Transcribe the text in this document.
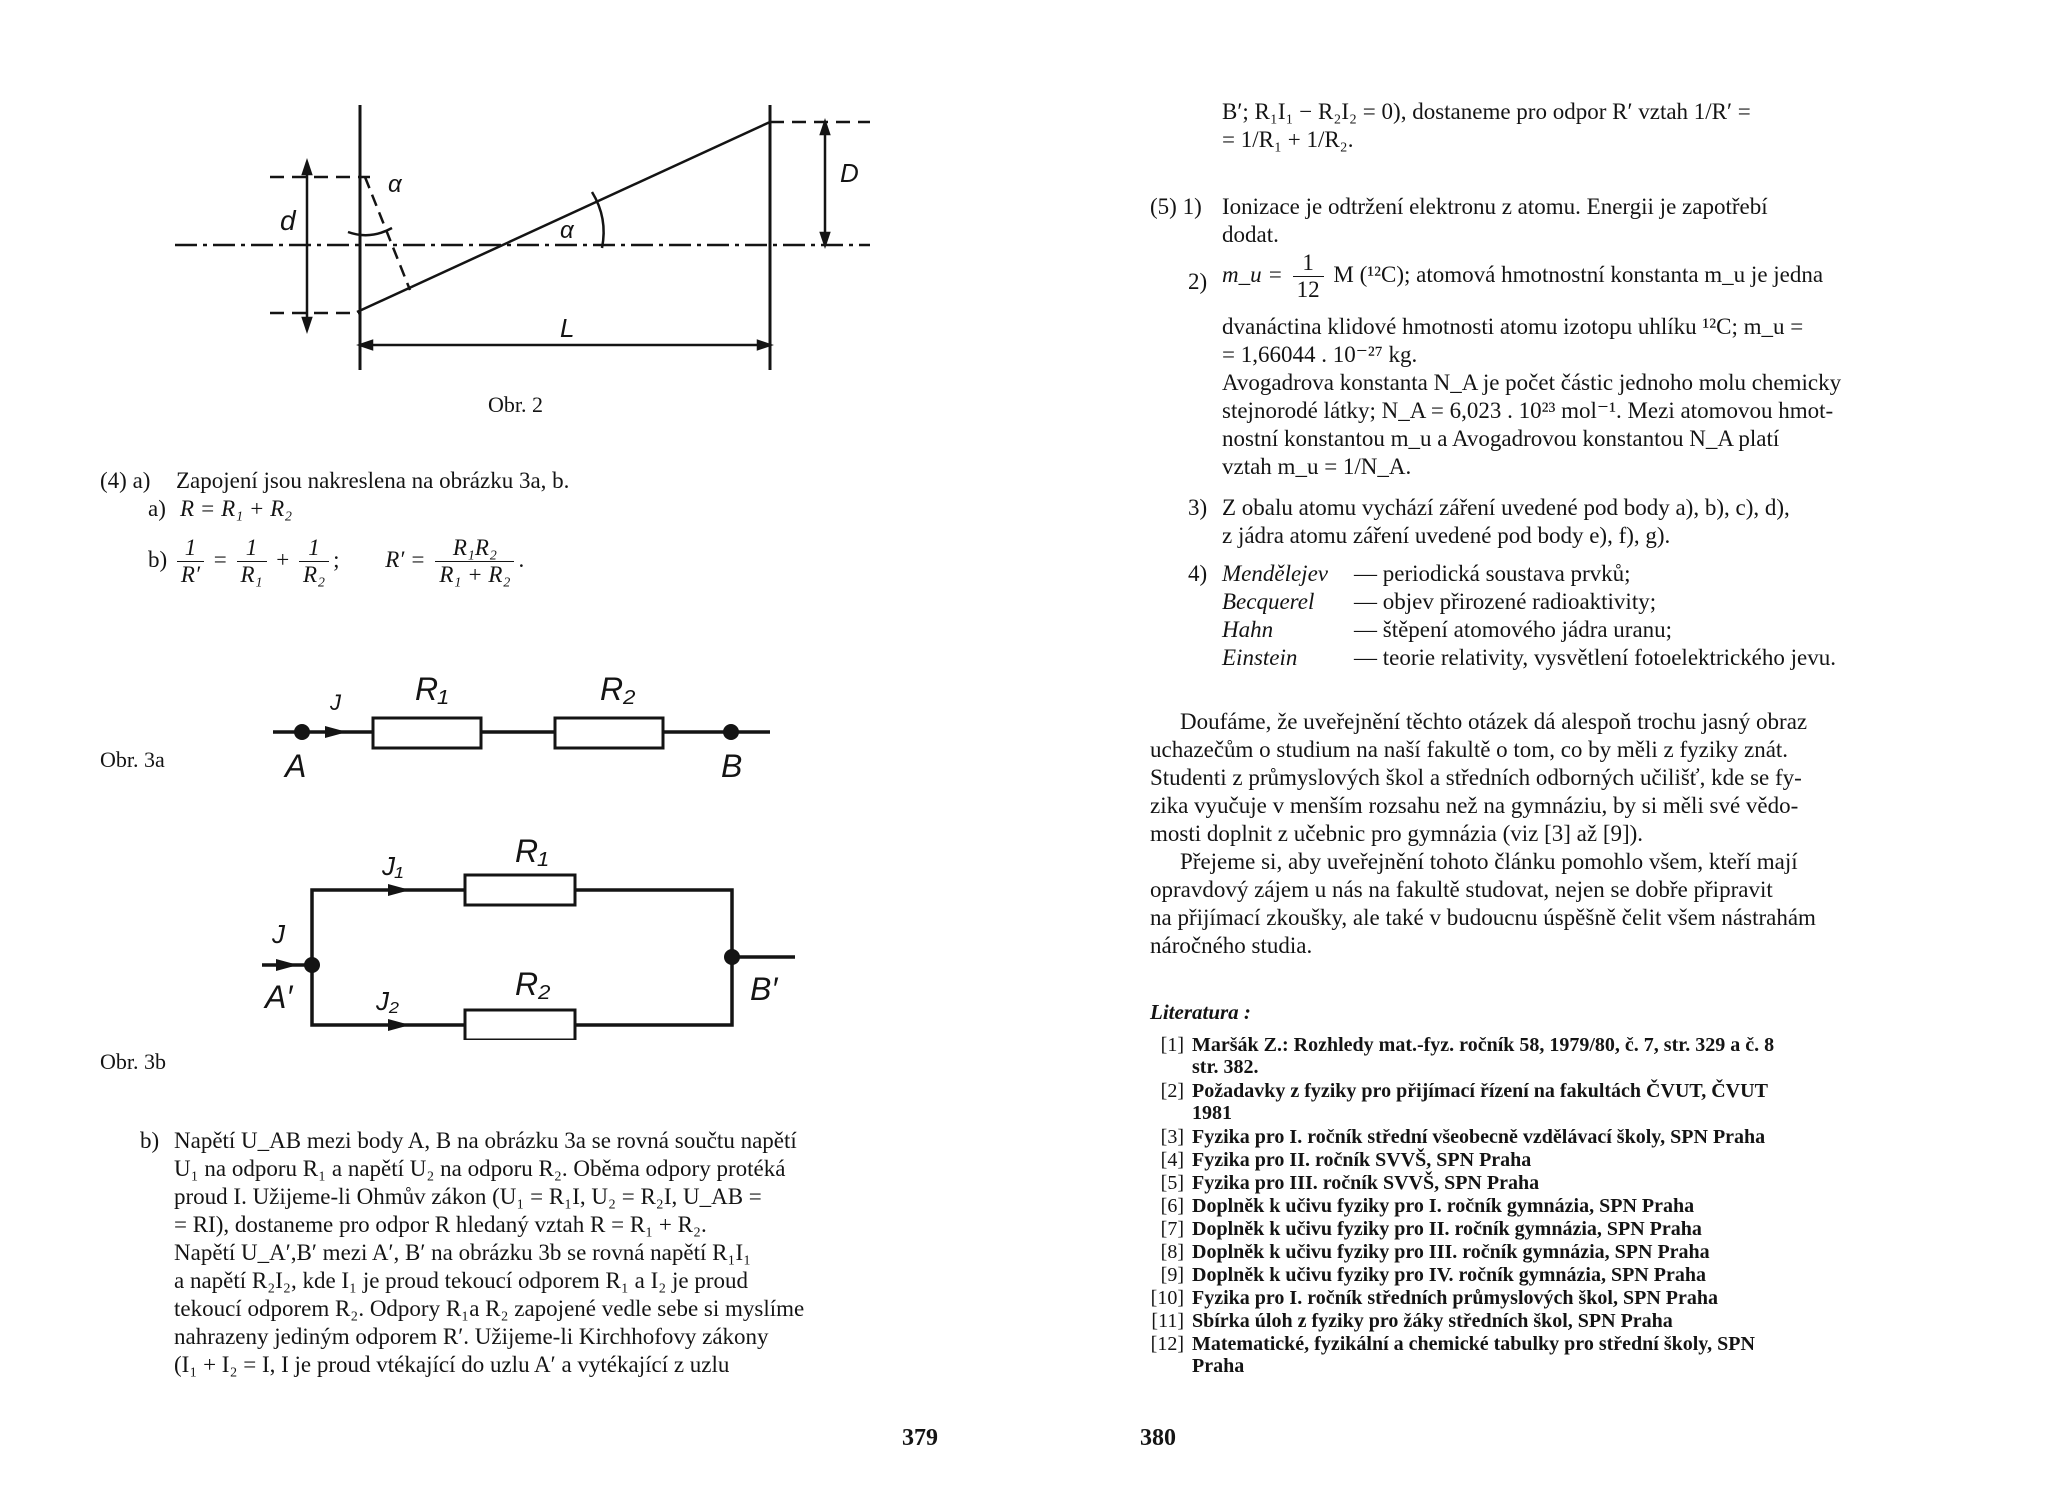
α
α
d
D
L
Obr. 2
(4) a) Zapojení jsou nakreslena na obrázku 3a, b.
a) R = R₁ + R₂
$b) \frac{1}{R'} = \frac{1}{\text{R₁}} + \frac{1}{\text{R₂}}$ ; $R' = \frac{\text{R₁R₂}}{\text{R₁ + R₂}}$ .
J R₁	R₂
A	B
Obr. 3a
J
J₁
J₂
R₁
R₂
A′	B′
Obr. 3b
b) Napětí U_AB mezi body A, B na obrázku 3a se rovná součtu napětí
U₁ na odporu R₁ a napětí U₂ na odporu R₂. Oběma odpory protéká
proud I. Užijeme-li Ohmův zákon (U₁ = R₁I, U₂ = R₂I, U_AB =
= RI), dostaneme pro odpor R hledaný vztah R = R₁ + R₂.
Napětí U_A′,B′ mezi A′, B′ na obrázku 3b se rovná napětí R₁I₁
a napětí R₂I₂, kde I₁ je proud tekoucí odporem R₁ a I₂ je proud
tekoucí odporem R₂. Odpory R₁a R₂ zapojené vedle sebe si myslíme
nahrazeny jediným odporem R′. Užijeme-li Kirchhofovy zákony
(I₁ + I₂ = I, I je proud vtékající do uzlu A′ a vytékající z uzlu
379
B′; R₁I₁ − R₂I₂ = 0), dostaneme pro odpor R′ vztah 1/R′ =
= 1/R₁ + 1/R₂.
(5) 1) Ionizace je odtržení elektronu z atomu. Energii je zapotřebí
dodat.
2) m_u = $\frac{1}{12}$ M (¹²C); atomová hmotnostní konstanta m_u je jedna
dvanáctina klidové hmotnosti atomu izotopu uhlíku ¹²C; m_u =
= 1,66044 . 10⁻²⁷ kg.
Avogadrova konstanta N_A je počet částic jednoho molu chemicky
stejnorodé látky; N_A = 6,023 . 10²³ mol⁻¹. Mezi atomovou hmot-
nostní konstantou m_u a Avogadrovou konstantou N_A platí
vztah m_u = 1/N_A.
3) Z obalu atomu vychází záření uvedené pod body a), b), c), d),
z jádra atomu záření uvedené pod body e), f), g).
4) Mendělejev — periodická soustava prvků;
Becquerel — objev přirozené radioaktivity;
Hahn	— štěpení atomového jádra uranu;
Einstein — teorie relativity, vysvětlení fotoelektrického jevu.
Doufáme, že uveřejnění těchto otázek dá alespoň trochu jasný obraz
uchazečům o studium na naší fakultě o tom, co by měli z fyziky znát.
Studenti z průmyslových škol a středních odborných učilišť, kde se fy-
zika vyučuje v menším rozsahu než na gymnáziu, by si měli své vědo-
mosti doplnit z učebnic pro gymnázia (viz [3] až [9]).
Přejeme si, aby uveřejnění tohoto článku pomohlo všem, kteří mají
opravdový zájem u nás na fakultě studovat, nejen se dobře připravit
na přijímací zkoušky, ale také v budoucnu úspěšně čelit všem nástrahám
náročného studia.
Literatura :
[1] Maršák Z.: Rozhledy mat.-fyz. ročník 58, 1979/80, č. 7, str. 329 a č. 8
str. 382.
[2] Požadavky z fyziky pro přijímací řízení na fakultách ČVUT, ČVUT
1981
[3] Fyzika pro I. ročník střední všeobecně vzdělávací školy, SPN Praha
[4] Fyzika pro II. ročník SVVŠ, SPN Praha
[5] Fyzika pro III. ročník SVVŠ, SPN Praha
[6] Doplněk k učivu fyziky pro I. ročník gymnázia, SPN Praha
[7] Doplněk k učivu fyziky pro II. ročník gymnázia, SPN Praha
[8] Doplněk k učivu fyziky pro III. ročník gymnázia, SPN Praha
[9] Doplněk k učivu fyziky pro IV. ročník gymnázia, SPN Praha
[10] Fyzika pro I. ročník středních průmyslových škol, SPN Praha
[11] Sbírka úloh z fyziky pro žáky středních škol, SPN Praha
[12] Matematické, fyzikální a chemické tabulky pro střední školy, SPN
Praha
380
